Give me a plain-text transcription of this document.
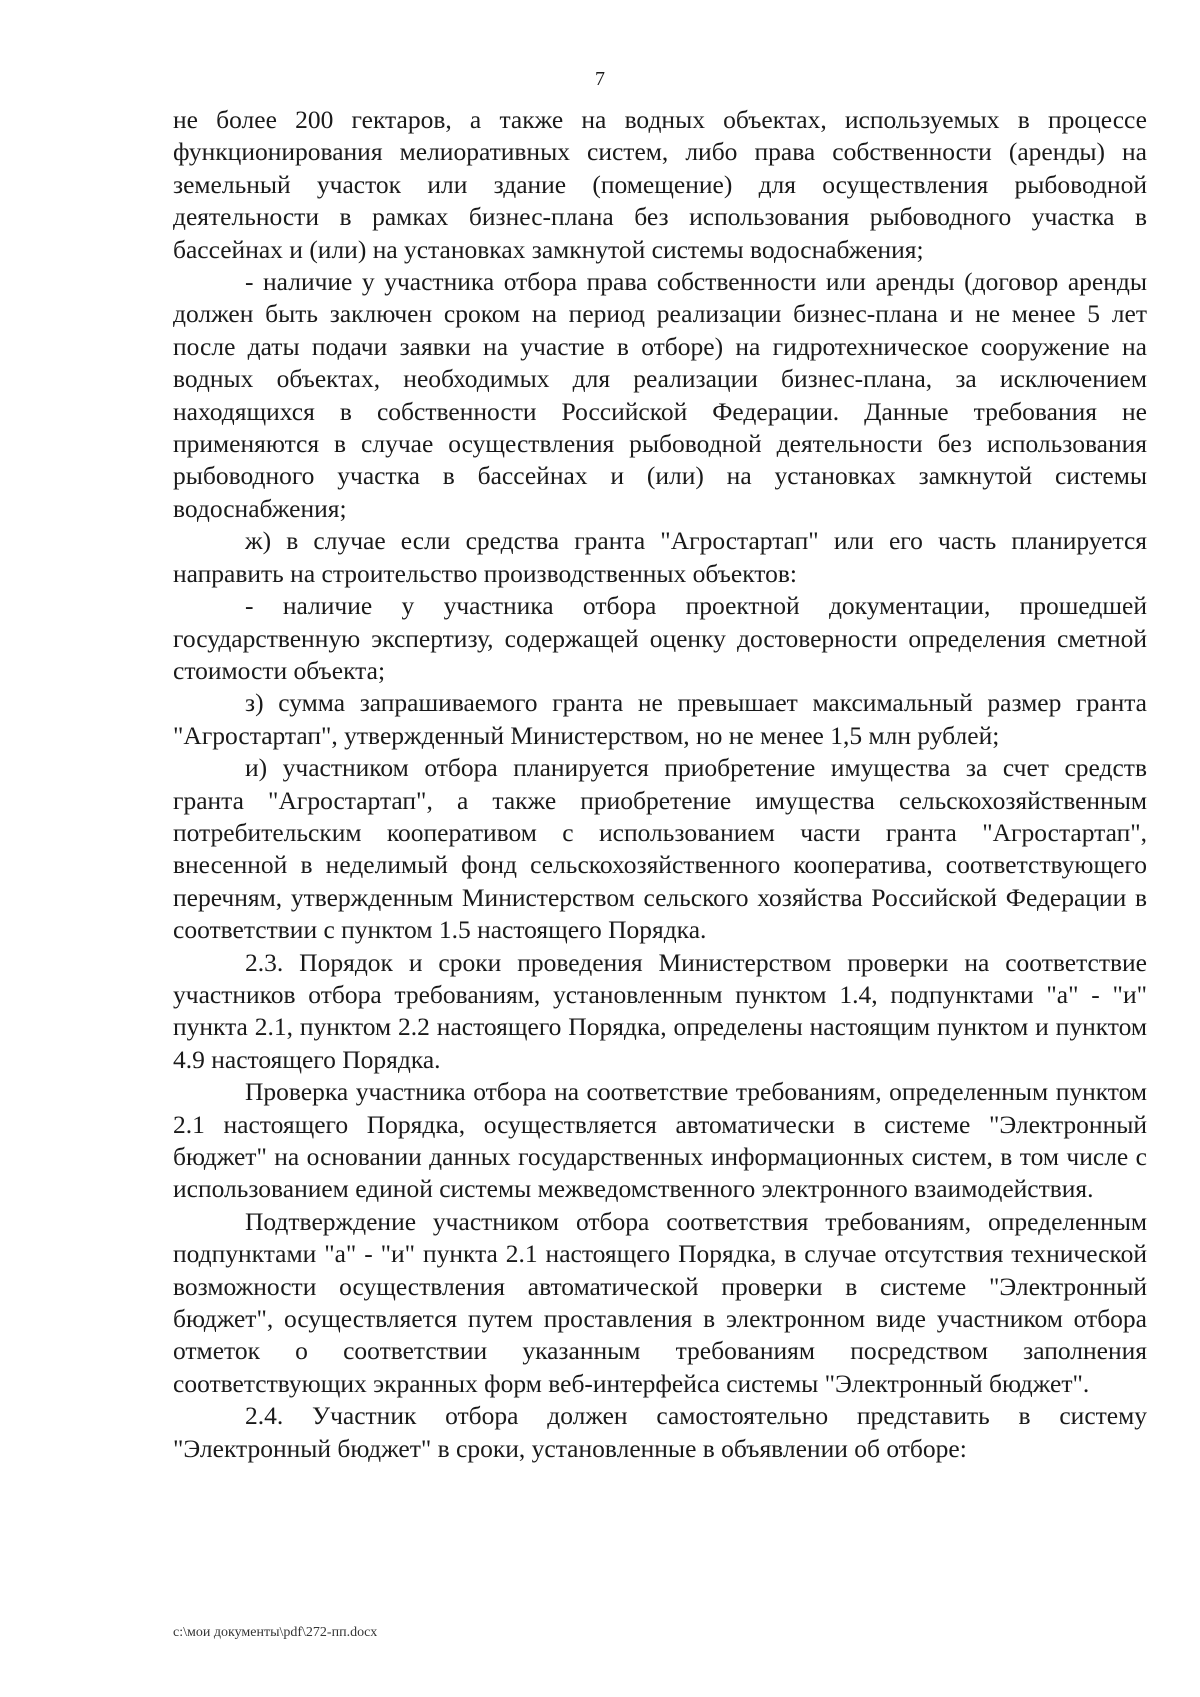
7

не более 200 гектаров, а также на водных объектах, используемых в процессе функционирования мелиоративных систем, либо права собственности (аренды) на земельный участок или здание (помещение) для осуществления рыбоводной деятельности в рамках бизнес-плана без использования рыбоводного участка в бассейнах и (или) на установках замкнутой системы водоснабжения;

- наличие у участника отбора права собственности или аренды (договор аренды должен быть заключен сроком на период реализации бизнес-плана и не менее 5 лет после даты подачи заявки на участие в отборе) на гидротехническое сооружение на водных объектах, необходимых для реализации бизнес-плана, за исключением находящихся в собственности Российской Федерации. Данные требования не применяются в случае осуществления рыбоводной деятельности без использования рыбоводного участка в бассейнах и (или) на установках замкнутой системы водоснабжения;

ж) в случае если средства гранта "Агростартап" или его часть планируется направить на строительство производственных объектов:

- наличие у участника отбора проектной документации, прошедшей государственную экспертизу, содержащей оценку достоверности определения сметной стоимости объекта;

з) сумма запрашиваемого гранта не превышает максимальный размер гранта "Агростартап", утвержденный Министерством, но не менее 1,5 млн рублей;

и) участником отбора планируется приобретение имущества за счет средств гранта "Агростартап", а также приобретение имущества сельскохозяйственным потребительским кооперативом с использованием части гранта "Агростартап", внесенной в неделимый фонд сельскохозяйственного кооператива, соответствующего перечням, утвержденным Министерством сельского хозяйства Российской Федерации в соответствии с пунктом 1.5 настоящего Порядка.

2.3. Порядок и сроки проведения Министерством проверки на соответствие участников отбора требованиям, установленным пунктом 1.4, подпунктами "а" - "и" пункта 2.1, пунктом 2.2 настоящего Порядка, определены настоящим пунктом и пунктом 4.9 настоящего Порядка.

Проверка участника отбора на соответствие требованиям, определенным пунктом 2.1 настоящего Порядка, осуществляется автоматически в системе "Электронный бюджет" на основании данных государственных информационных систем, в том числе с использованием единой системы межведомственного электронного взаимодействия.

Подтверждение участником отбора соответствия требованиям, определенным подпунктами "а" - "и" пункта 2.1 настоящего Порядка, в случае отсутствия технической возможности осуществления автоматической проверки в системе "Электронный бюджет", осуществляется путем проставления в электронном виде участником отбора отметок о соответствии указанным требованиям посредством заполнения соответствующих экранных форм веб-интерфейса системы "Электронный бюджет".

2.4. Участник отбора должен самостоятельно представить в систему "Электронный бюджет" в сроки, установленные в объявлении об отборе:

c:\мои документы\pdf\272-пп.docx
